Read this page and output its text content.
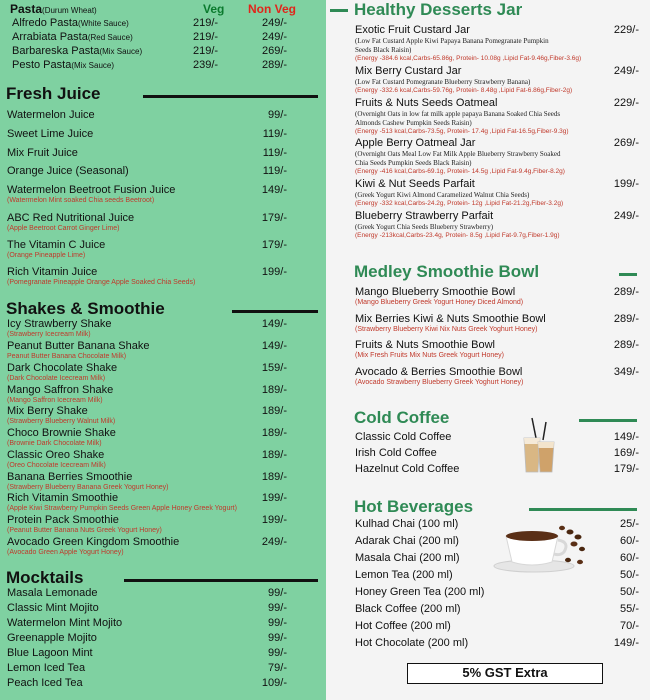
Pasta(Durum Wheat)	Veg Non Veg
Alfredo Pasta(White Sauce)	219/-	249/-
Arrabiata Pasta(Red Sauce)	219/-	249/-
Barbareska Pasta(Mix Sauce)	219/-	269/-
Pesto Pasta(Mix Sauce)	239/-	289/-
Fresh Juice
Watermelon Juice	99/-
Sweet Lime Juice	119/-
Mix Fruit Juice	119/-
Orange Juice (Seasonal)	119/-
Watermelon Beetroot Fusion Juice	149/-
(Watermelon Mint soaked Chia seeds Beetroot)
ABC Red Nutritional Juice	179/-
(Apple Beetroot Carrot Ginger Lime)
The Vitamin C Juice	179/-
(Orange Pineapple Lime)
Rich Vitamin Juice	199/-
(Pomegranate Pineapple Orange Apple Soaked Chia Seeds)
Shakes & Smoothie
Icy Strawberry Shake	149/-
(Strawberry Icecream Milk)
Peanut Butter Banana Shake	149/-
Peanut Butter Banana Chocolate Milk)
Dark Chocolate Shake	159/-
(Dark Chocolate Icecream Milk)
Mango Saffron Shake	189/-
(Mango Saffron Icecream Milk)
Mix Berry Shake	189/-
(Strawberry Blueberry Walnut Milk)
Choco Brownie Shake	189/-
(Brownie Dark Chocolate Milk)
Classic Oreo Shake	189/-
(Oreo Chocolate Icecream Milk)
Banana Berries Smoothie	189/-
(Strawberry Blueberry Banana Greek Yogurt Honey)
Rich Vitamin Smoothie	199/-
(Apple Kiwi Strawberry Pumpkin Seeds Green Apple Honey Greek Yogurt)
Protein Pack Smoothie	199/-
(Peanut Butter Banana Nuts Greek Yogurt Honey)
Avocado Green Kingdom Smoothie	249/-
(Avocado Green Apple Yogurt Honey)
Mocktails
Masala Lemonade	99/-
Classic Mint Mojito	99/-
Watermelon Mint Mojito	99/-
Greenapple Mojito	99/-
Blue Lagoon Mint	99/-
Lemon Iced Tea	79/-
Peach Iced Tea	109/-
Healthy Desserts Jar
Exotic Fruit Custard Jar	229/-
(Low Fat Custard Apple Kiwi Papaya Banana Pomegranate Pumpkin
Seeds Black Raisin)
(Energy -384.6 kcal,Carbs-65.86g, Protein- 10.08g ,Lipid Fat-9.46g,Fiber-3.6g)
Mix Berry Custard Jar	249/-
(Low Fat Custard Pomegranate Blueberry Strawberry Banana)
(Energy -332.6 kcal,Carbs-59.76g, Protein- 8.48g ,Lipid Fat-6.86g,Fiber-2g)
Fruits & Nuts Seeds Oatmeal	229/-
(Overnight Oats in low fat milk apple papaya Banana Soaked Chia Seeds
Almonds Cashew Pumpkin Seeds Raisin)
(Energy -513 kcal,Carbs-73.5g, Protein- 17.4g ,Lipid Fat-16.5g,Fiber-9.3g)
Apple Berry Oatmeal Jar	269/-
(Overnight Oats Meal Low Fat Milk Apple Blueberry Strawberry Soaked
Chia Seeds Pumpkin Seeds Black Raisin)
(Energy -416 kcal,Carbs-69.1g, Protein- 14.5g ,Lipid Fat-9.4g,Fiber-8.2g)
Kiwi & Nut Seeds Parfait	199/-
(Greek Yogurt Kiwi Almond Caramelized Walnut Chia Seeds)
(Energy -332 kcal,Carbs-24.2g, Protein- 12g ,Lipid Fat-21.2g,Fiber-3.2g)
Blueberry Strawberry Parfait	249/-
(Greek Yogurt Chia Seeds Blueberry Strawberry)
(Energy -213kcal,Carbs-23.4g, Protein- 8.5g ,Lipid Fat-9.7g,Fiber-1.9g)
Medley Smoothie Bowl
Mango Blueberry Smoothie Bowl	289/-
(Mango Blueberry Greek Yogurt Honey Diced Almond)
Mix Berries Kiwi & Nuts Smoothie Bowl	289/-
(Strawberry Blueberry Kiwi Nix Nuts Greek Yoghurt Honey)
Fruits & Nuts Smoothie Bowl	289/-
(Mix Fresh Fruits Mix Nuts Greek Yogurt Honey)
Avocado & Berries Smoothie Bowl	349/-
(Avocado Strawberry Blueberry Greek Yoghurt Honey)
Cold Coffee
Classic Cold Coffee	149/-
Irish Cold Coffee	169/-
Hazelnut Cold Coffee	179/-
Hot Beverages
Kulhad Chai (100 ml)	25/-
Adarak Chai (200 ml)	60/-
Masala Chai (200 ml)	60/-
Lemon Tea (200 ml)	50/-
Honey Green Tea (200 ml)	50/-
Black Coffee (200 ml)	55/-
Hot Coffee (200 ml)	70/-
Hot Chocolate (200 ml)	149/-
5% GST Extra
